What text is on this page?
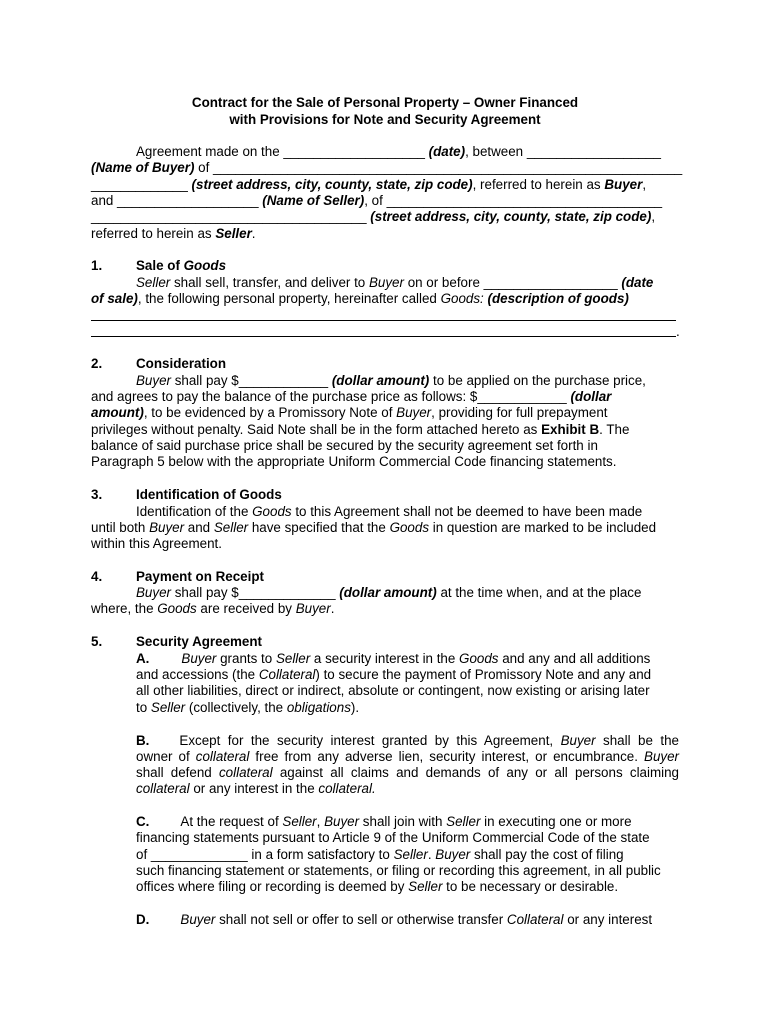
Contract for the Sale of Personal Property – Owner Financed
with Provisions for Note and Security Agreement
Agreement made on the ___________________ (date), between __________________
(Name of Buyer) of _______________________________________________________________
_____________ (street address, city, county, state, zip code), referred to herein as Buyer,
and ___________________ (Name of Seller), of _____________________________________
_____________________________________ (street address, city, county, state, zip code),
referred to herein as Seller.
1.	Sale of Goods
Seller shall sell, transfer, and deliver to Buyer on or before __________________ (date
of sale), the following personal property, hereinafter called Goods: (description of goods)
.
2.	Consideration
Buyer shall pay $____________ (dollar amount) to be applied on the purchase price,
and agrees to pay the balance of the purchase price as follows: $____________ (dollar
amount), to be evidenced by a Promissory Note of Buyer, providing for full prepayment
privileges without penalty. Said Note shall be in the form attached hereto as Exhibit B. The
balance of said purchase price shall be secured by the security agreement set forth in
Paragraph 5 below with the appropriate Uniform Commercial Code financing statements.
3.	Identification of Goods
Identification of the Goods to this Agreement shall not be deemed to have been made
until both Buyer and Seller have specified that the Goods in question are marked to be included
within this Agreement.
4.	Payment on Receipt
Buyer shall pay $_____________ (dollar amount) at the time when, and at the place
where, the Goods are received by Buyer.
5.	Security Agreement
A. Buyer grants to Seller a security interest in the Goods and any and all additions
and accessions (the Collateral) to secure the payment of Promissory Note and any and
all other liabilities, direct or indirect, absolute or contingent, now existing or arising later
to Seller (collectively, the obligations).
B. Except for the security interest granted by this Agreement, Buyer shall be the
owner of collateral free from any adverse lien, security interest, or encumbrance. Buyer
shall defend collateral against all claims and demands of any or all persons claiming
collateral or any interest in the collateral.
C. At the request of Seller, Buyer shall join with Seller in executing one or more
financing statements pursuant to Article 9 of the Uniform Commercial Code of the state
of _____________ in a form satisfactory to Seller. Buyer shall pay the cost of filing
such financing statement or statements, or filing or recording this agreement, in all public
offices where filing or recording is deemed by Seller to be necessary or desirable.
D. Buyer shall not sell or offer to sell or otherwise transfer Collateral or any interest
